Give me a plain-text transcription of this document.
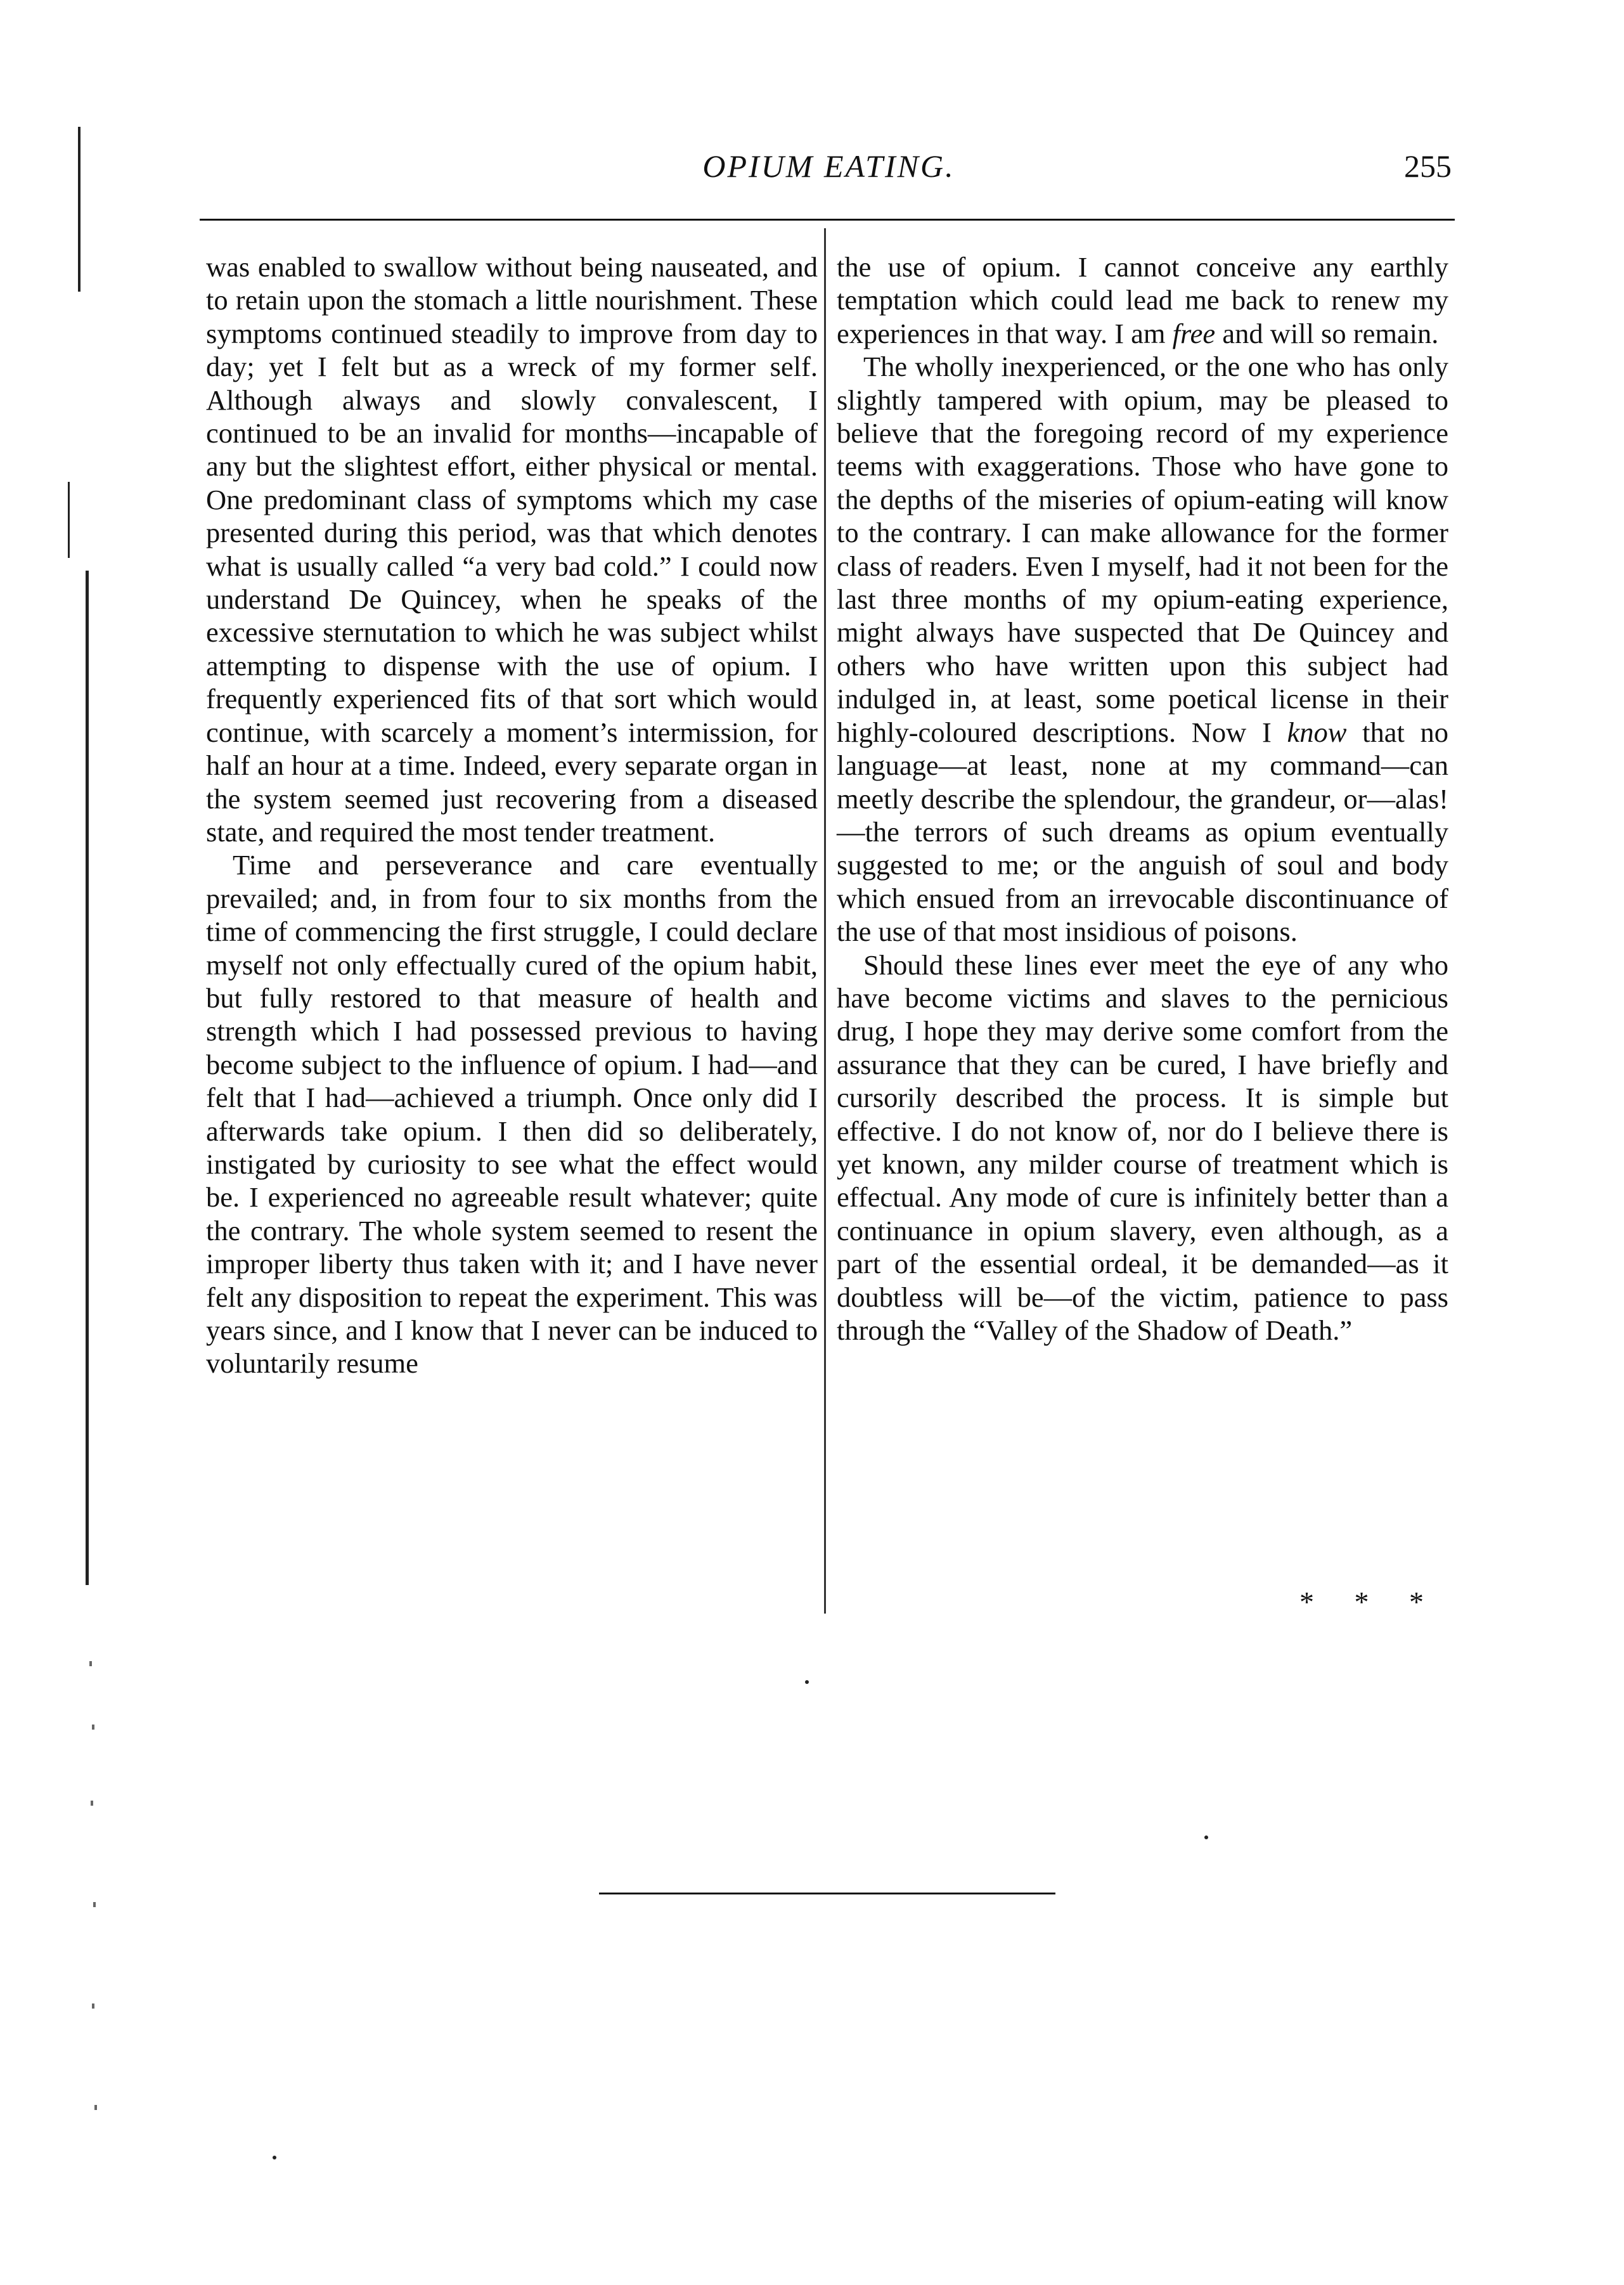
OPIUM EATING.	255

was enabled to swallow without being nauseated, and to retain upon the stomach a little nourishment. These symptoms continued steadily to improve from day to day; yet I felt but as a wreck of my former self. Although always and slowly convalescent, I continued to be an invalid for months—incapable of any but the slightest effort, either physical or mental. One predominant class of symptoms which my case presented during this period, was that which denotes what is usually called “a very bad cold.” I could now understand De Quincey, when he speaks of the excessive sternutation to which he was subject whilst attempting to dispense with the use of opium. I frequently experienced fits of that sort which would continue, with scarcely a moment’s intermission, for half an hour at a time. Indeed, every separate organ in the system seemed just recovering from a diseased state, and required the most tender treatment.

Time and perseverance and care eventually prevailed; and, in from four to six months from the time of commencing the first struggle, I could declare myself not only effectually cured of the opium habit, but fully restored to that measure of health and strength which I had possessed previous to having become subject to the influence of opium. I had—and felt that I had—achieved a triumph. Once only did I afterwards take opium. I then did so deliberately, instigated by curiosity to see what the effect would be. I experienced no agreeable result whatever; quite the contrary. The whole system seemed to resent the improper liberty thus taken with it; and I have never felt any disposition to repeat the experiment. This was years since, and I know that I never can be induced to voluntarily resume

the use of opium. I cannot conceive any earthly temptation which could lead me back to renew my experiences in that way. I am free and will so remain.

The wholly inexperienced, or the one who has only slightly tampered with opium, may be pleased to believe that the foregoing record of my experience teems with exaggerations. Those who have gone to the depths of the miseries of opium-eating will know to the contrary. I can make allowance for the former class of readers. Even I myself, had it not been for the last three months of my opium-eating experience, might always have suspected that De Quincey and others who have written upon this subject had indulged in, at least, some poetical license in their highly-coloured descriptions. Now I know that no language—at least, none at my command—can meetly describe the splendour, the grandeur, or—alas!—the terrors of such dreams as opium eventually suggested to me; or the anguish of soul and body which ensued from an irrevocable discontinuance of the use of that most insidious of poisons.

Should these lines ever meet the eye of any who have become victims and slaves to the pernicious drug, I hope they may derive some comfort from the assurance that they can be cured, I have briefly and cursorily described the process. It is simple but effective. I do not know of, nor do I believe there is yet known, any milder course of treatment which is effectual. Any mode of cure is infinitely better than a continuance in opium slavery, even although, as a part of the essential ordeal, it be demanded—as it doubtless will be—of the victim, patience to pass through the “Valley of the Shadow of Death.”

* * *
